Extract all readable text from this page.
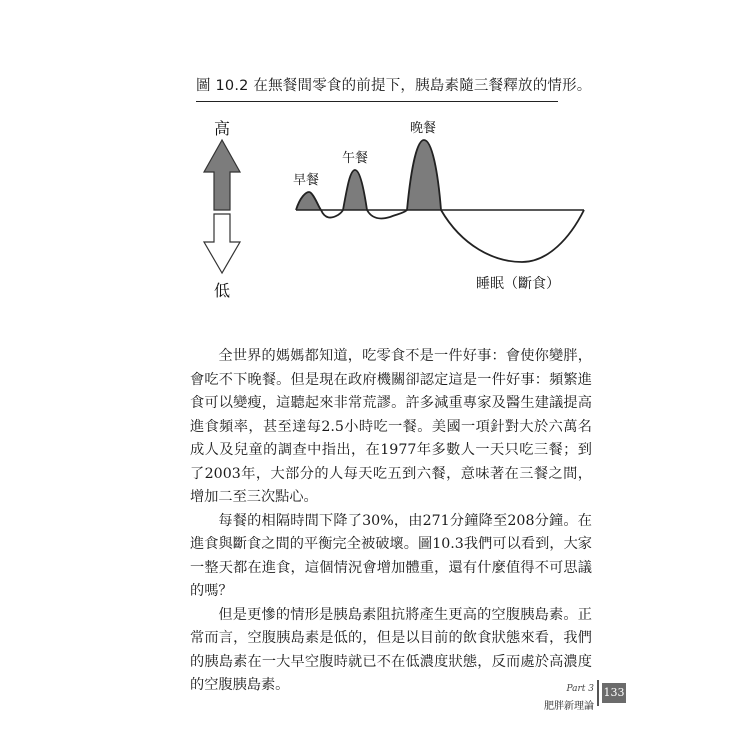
圖 10.2 在無餐間零食的前提下，胰島素隨三餐釋放的情形。
高
低
早餐
午餐
晚餐
睡眠（斷食）

全世界的媽媽都知道，吃零食不是一件好事：會使你變胖，會吃不下晚餐。但是現在政府機關卻認定這是一件好事：頻繁進食可以變瘦，這聽起來非常荒謬。許多減重專家及醫生建議提高進食頻率，甚至達每2.5小時吃一餐。美國一項針對大於六萬名成人及兒童的調查中指出，在1977年多數人一天只吃三餐；到了2003年，大部分的人每天吃五到六餐，意味著在三餐之間，增加二至三次點心。

每餐的相隔時間下降了30%，由271分鐘降至208分鐘。在進食與斷食之間的平衡完全被破壞。圖10.3我們可以看到，大家一整天都在進食，這個情況會增加體重，還有什麼值得不可思議的嗎？

但是更慘的情形是胰島素阻抗將產生更高的空腹胰島素。正常而言，空腹胰島素是低的，但是以目前的飲食狀態來看，我們的胰島素在一大早空腹時就已不在低濃度狀態，反而處於高濃度的空腹胰島素。	Part 3
肥胖新理論
133
